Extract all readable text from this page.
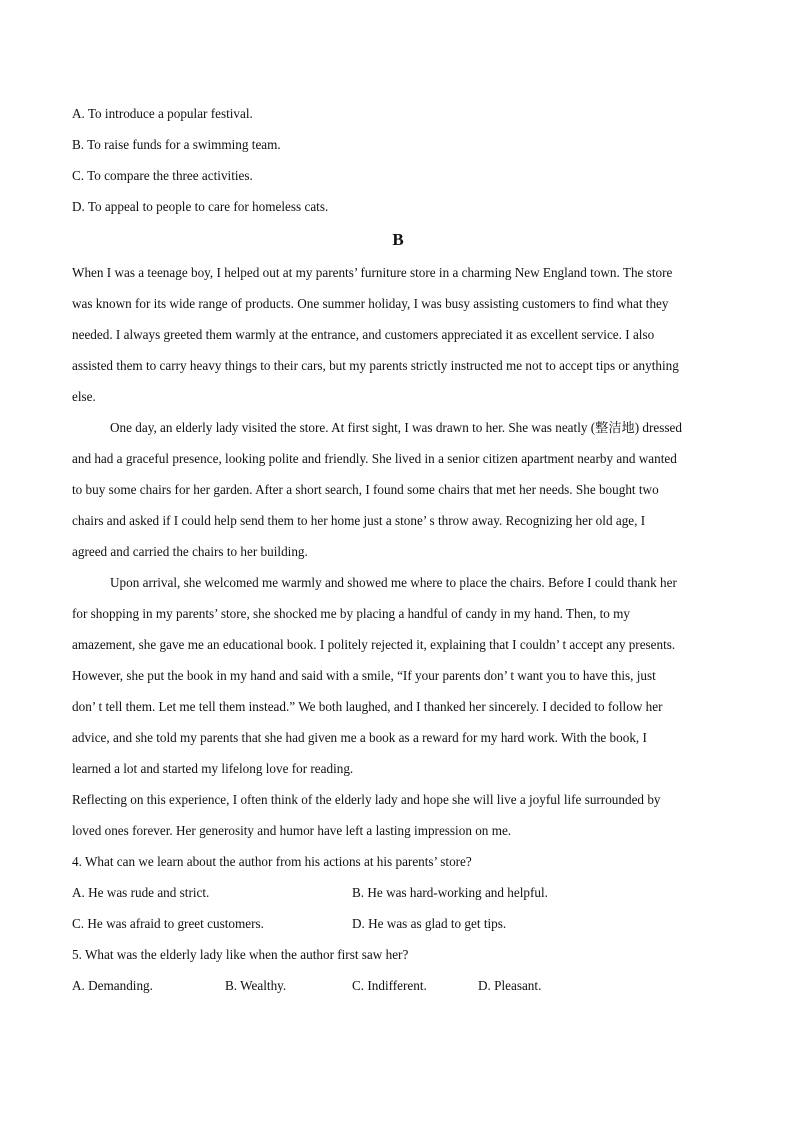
A. To introduce a popular festival.
B. To raise funds for a swimming team.
C. To compare the three activities.
D. To appeal to people to care for homeless cats.
B
When I was a teenage boy, I helped out at my parents’ furniture store in a charming New England town. The store
was known for its wide range of products. One summer holiday, I was busy assisting customers to find what they
needed. I always greeted them warmly at the entrance, and customers appreciated it as excellent service. I also
assisted them to carry heavy things to their cars, but my parents strictly instructed me not to accept tips or anything
else.
One day, an elderly lady visited the store. At first sight, I was drawn to her. She was neatly (整洁地) dressed
and had a graceful presence, looking polite and friendly. She lived in a senior citizen apartment nearby and wanted
to buy some chairs for her garden. After a short search, I found some chairs that met her needs. She bought two
chairs and asked if I could help send them to her home just a stone’ s throw away. Recognizing her old age, I
agreed and carried the chairs to her building.
Upon arrival, she welcomed me warmly and showed me where to place the chairs. Before I could thank her
for shopping in my parents’ store, she shocked me by placing a handful of candy in my hand. Then, to my
amazement, she gave me an educational book. I politely rejected it, explaining that I couldn’ t accept any presents.
However, she put the book in my hand and said with a smile, “If your parents don’ t want you to have this, just
don’ t tell them. Let me tell them instead.” We both laughed, and I thanked her sincerely. I decided to follow her
advice, and she told my parents that she had given me a book as a reward for my hard work. With the book, I
learned a lot and started my lifelong love for reading.
Reflecting on this experience, I often think of the elderly lady and hope she will live a joyful life surrounded by
loved ones forever. Her generosity and humor have left a lasting impression on me.
4. What can we learn about the author from his actions at his parents’ store?
A. He was rude and strict.	B. He was hard-working and helpful.
C. He was afraid to greet customers.	D. He was as glad to get tips.
5. What was the elderly lady like when the author first saw her?
A. Demanding.	B. Wealthy.	C. Indifferent.	D. Pleasant.
